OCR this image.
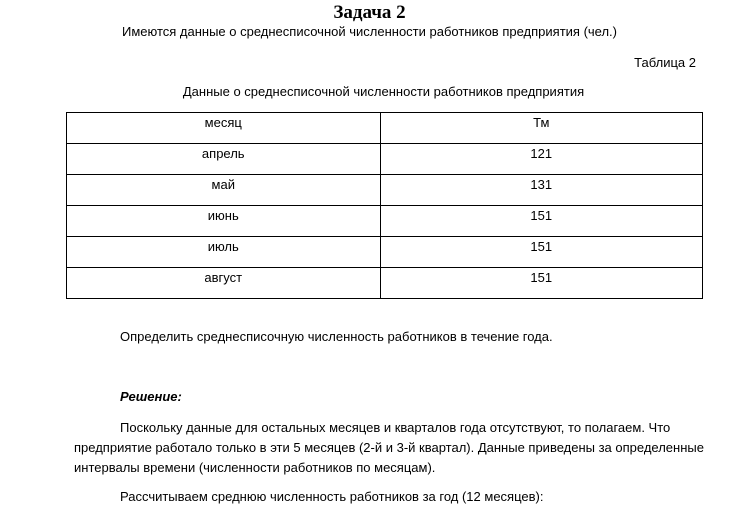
Задача 2
Имеются данные о среднесписочной численности работников предприятия (чел.)
Таблица 2
Данные о среднесписочной численности работников предприятия
месяц	Тм
апрель	121
май	131
июнь	151
июль	151
август	151
Определить среднесписочную численность работников в течение года.
Решение:
Поскольку данные для остальных месяцев и кварталов года отсутствуют, то полагаем. Что предприятие работало только в эти 5 месяцев (2-й и 3-й квартал). Данные приведены за определенные интервалы времени (численности работников по месяцам).
Рассчитываем среднюю численность работников за год (12 месяцев):
